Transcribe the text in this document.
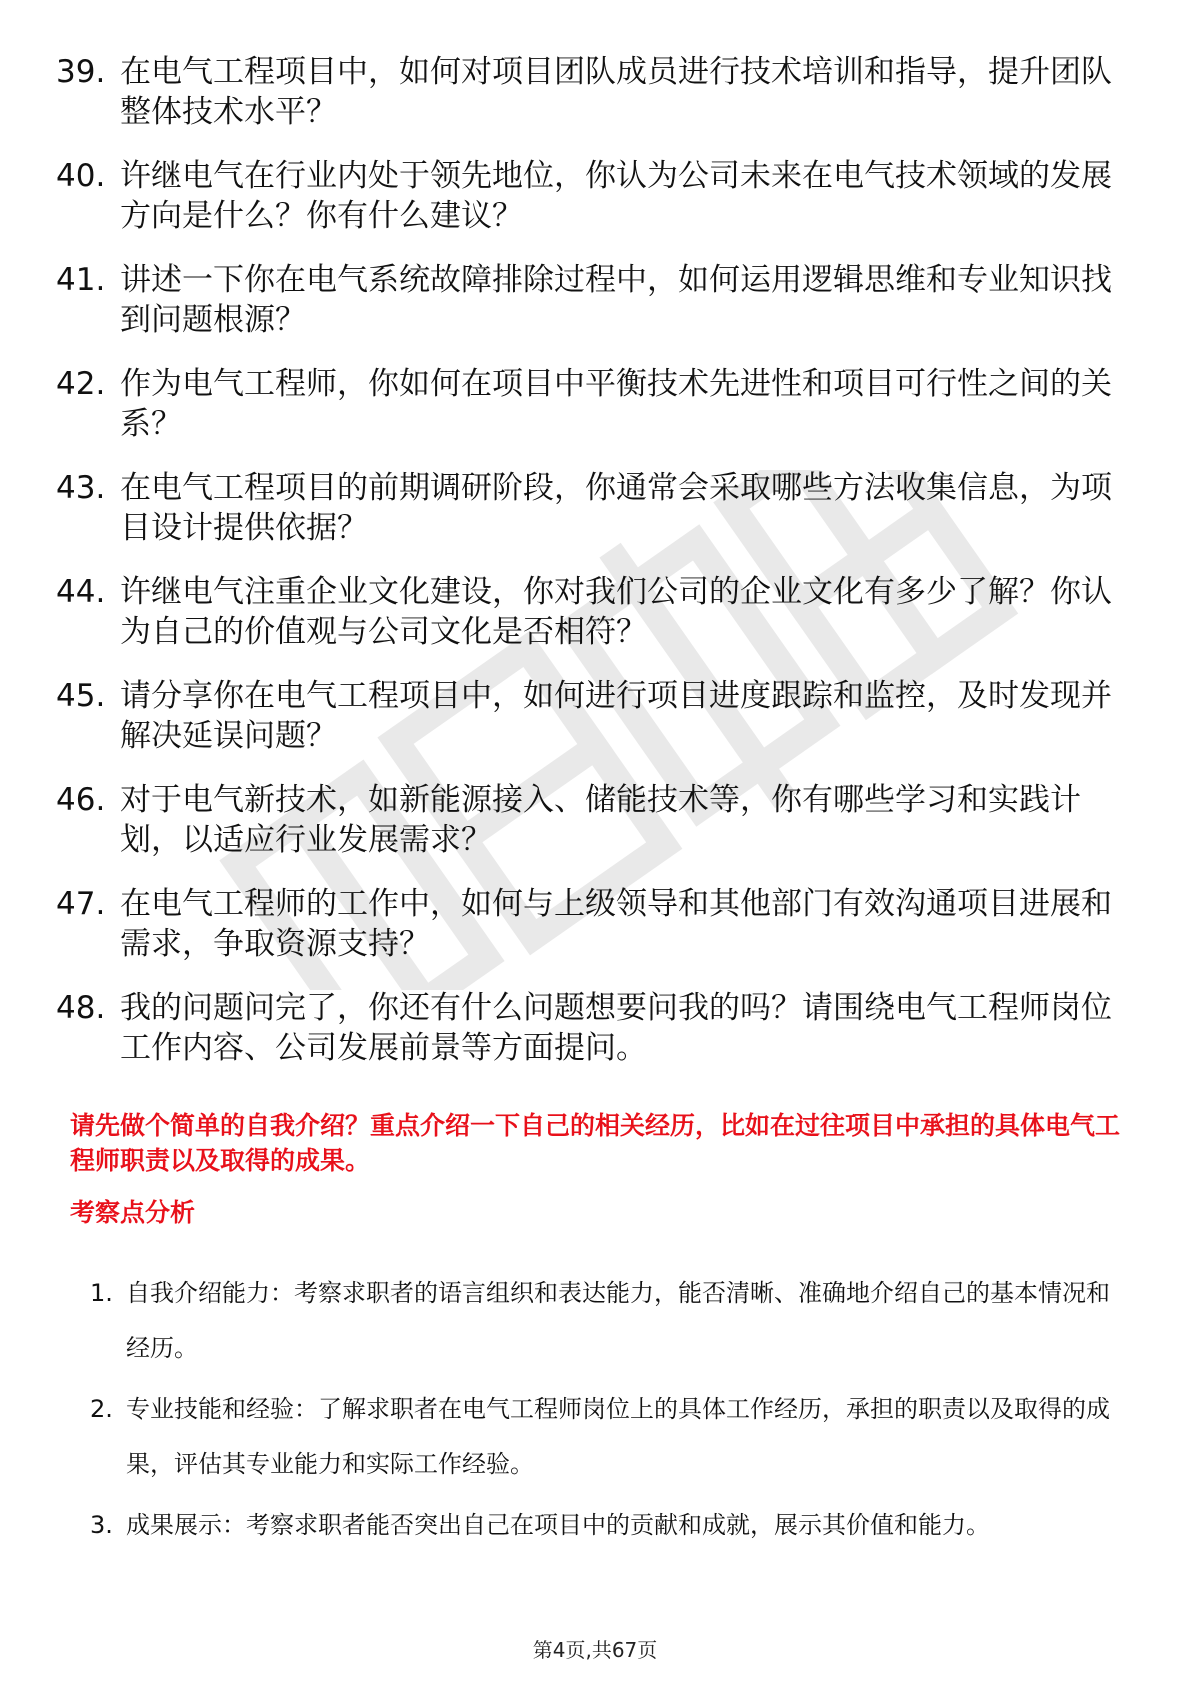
39. 在电气工程项目中，如何对项目团队成员进行技术培训和指导，提升团队整体技术水平？
40. 许继电气在行业内处于领先地位，你认为公司未来在电气技术领域的发展方向是什么？你有什么建议？
41. 讲述一下你在电气系统故障排除过程中，如何运用逻辑思维和专业知识找到问题根源？
42. 作为电气工程师，你如何在项目中平衡技术先进性和项目可行性之间的关系？
43. 在电气工程项目的前期调研阶段，你通常会采取哪些方法收集信息，为项目设计提供依据？
44. 许继电气注重企业文化建设，你对我们公司的企业文化有多少了解？你认为自己的价值观与公司文化是否相符？
45. 请分享你在电气工程项目中，如何进行项目进度跟踪和监控，及时发现并解决延误问题？
46. 对于电气新技术，如新能源接入、储能技术等，你有哪些学习和实践计划，以适应行业发展需求？
47. 在电气工程师的工作中，如何与上级领导和其他部门有效沟通项目进展和需求，争取资源支持？
48. 我的问题问完了，你还有什么问题想要问我的吗？请围绕电气工程师岗位工作内容、公司发展前景等方面提问。

请先做个简单的自我介绍？重点介绍一下自己的相关经历，比如在过往项目中承担的具体电气工程师职责以及取得的成果。

考察点分析
1. 自我介绍能力：考察求职者的语言组织和表达能力，能否清晰、准确地介绍自己的基本情况和经历。
2. 专业技能和经验：了解求职者在电气工程师岗位上的具体工作经历，承担的职责以及取得的成果，评估其专业能力和实际工作经验。
3. 成果展示：考察求职者能否突出自己在项目中的贡献和成就，展示其价值和能力。
第4页,共67页
